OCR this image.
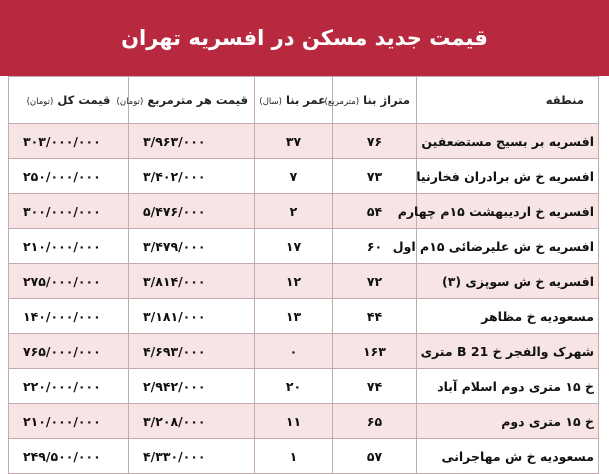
قیمت جدید مسکن در افسریه تهران
منطقه	متراژ بنا (مترمربع)	عمر بنا (سال)	قیمت هر مترمربع (تومان)	قیمت کل (تومان)
افسریه بر بسیج مستضعفین	۷۶	۳۷	۳/۹۶۳/۰۰۰	۳۰۳/۰۰۰/۰۰۰
افسریه خ ش برادران فخارنیا	۷۳	۷	۳/۴۰۲/۰۰۰	۲۵۰/۰۰۰/۰۰۰
افسریه خ اردیبهشت ۱۵م چهارم	۵۴	۲	۵/۴۷۶/۰۰۰	۳۰۰/۰۰۰/۰۰۰
افسریه خ ش علیرضائی ۱۵م اول	۶۰	۱۷	۳/۴۷۹/۰۰۰	۲۱۰/۰۰۰/۰۰۰
افسریه خ ش سوپزی (۳)	۷۲	۱۲	۳/۸۱۴/۰۰۰	۲۷۵/۰۰۰/۰۰۰
مسعودیه خ مظاهر	۴۴	۱۳	۳/۱۸۱/۰۰۰	۱۴۰/۰۰۰/۰۰۰
شهرک والفجر خ B 21 متری	۱۶۳	۰	۴/۶۹۳/۰۰۰	۷۶۵/۰۰۰/۰۰۰
خ ۱۵ متری دوم اسلام آباد	۷۴	۲۰	۲/۹۴۲/۰۰۰	۲۲۰/۰۰۰/۰۰۰
خ ۱۵ متری دوم	۶۵	۱۱	۳/۲۰۸/۰۰۰	۲۱۰/۰۰۰/۰۰۰
مسعودیه خ ش مهاجرانی	۵۷	۱	۴/۳۳۰/۰۰۰	۲۴۹/۵۰۰/۰۰۰
